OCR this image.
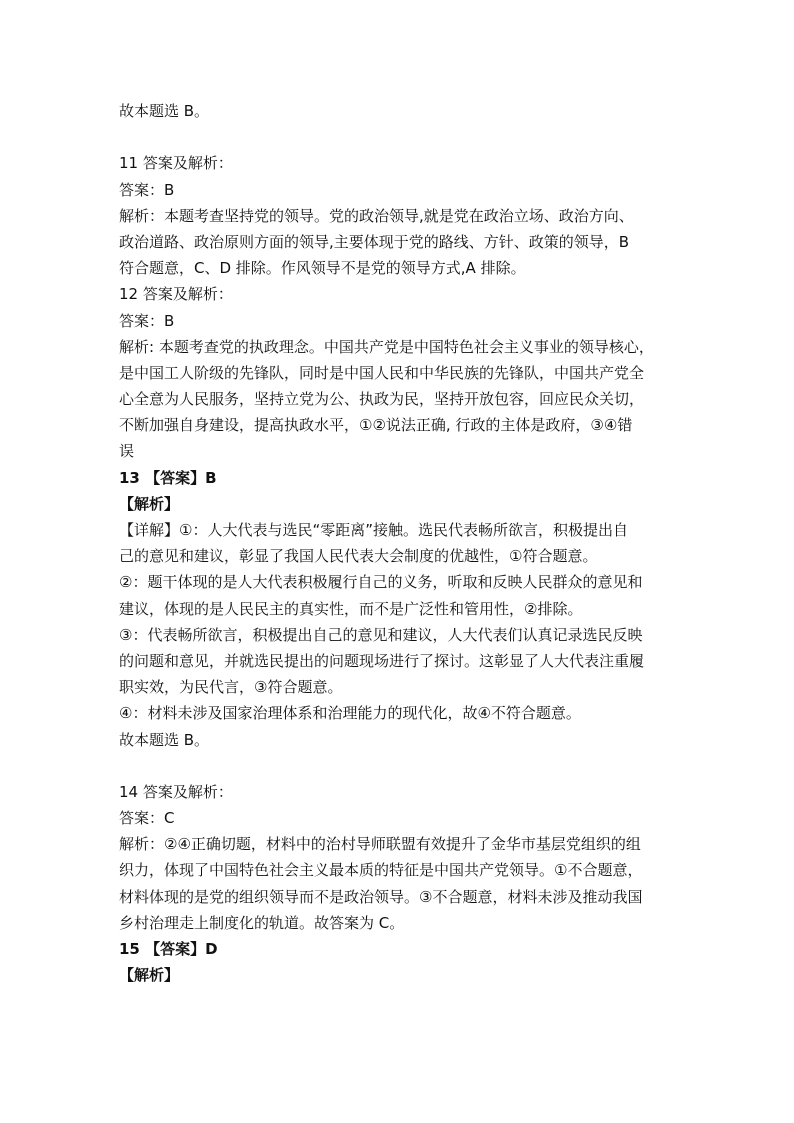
故本题选 B。
11 答案及解析：
答案：B
解析：本题考查坚持党的领导。党的政治领导,就是党在政治立场、政治方向、
政治道路、政治原则方面的领导,主要体现于党的路线、方针、政策的领导，B
符合题意，C、D 排除。作风领导不是党的领导方式,A 排除。
12 答案及解析：
答案：B
解析: 本题考查党的执政理念。中国共产党是中国特色社会主义事业的领导核心，
是中国工人阶级的先锋队，同时是中国人民和中华民族的先锋队，中国共产党全
心全意为人民服务，坚持立党为公、执政为民，坚持开放包容，回应民众关切，
不断加强自身建设，提高执政水平，①②说法正确, 行政的主体是政府，③④错
误
13 【答案】B
【解析】
【详解】①：人大代表与选民“零距离”接触。选民代表畅所欲言，积极提出自
己的意见和建议，彰显了我国人民代表大会制度的优越性，①符合题意。
②：题干体现的是人大代表积极履行自己的义务，听取和反映人民群众的意见和
建议，体现的是人民民主的真实性，而不是广泛性和管用性，②排除。
③：代表畅所欲言，积极提出自己的意见和建议，人大代表们认真记录选民反映
的问题和意见，并就选民提出的问题现场进行了探讨。这彰显了人大代表注重履
职实效，为民代言，③符合题意。
④：材料未涉及国家治理体系和治理能力的现代化，故④不符合题意。
故本题选 B。
14 答案及解析：
答案：C
解析：②④正确切题，材料中的治村导师联盟有效提升了金华市基层党组织的组
织力，体现了中国特色社会主义最本质的特征是中国共产党领导。①不合题意，
材料体现的是党的组织领导而不是政治领导。③不合题意，材料未涉及推动我国
乡村治理走上制度化的轨道。故答案为 C。
15 【答案】D
【解析】
